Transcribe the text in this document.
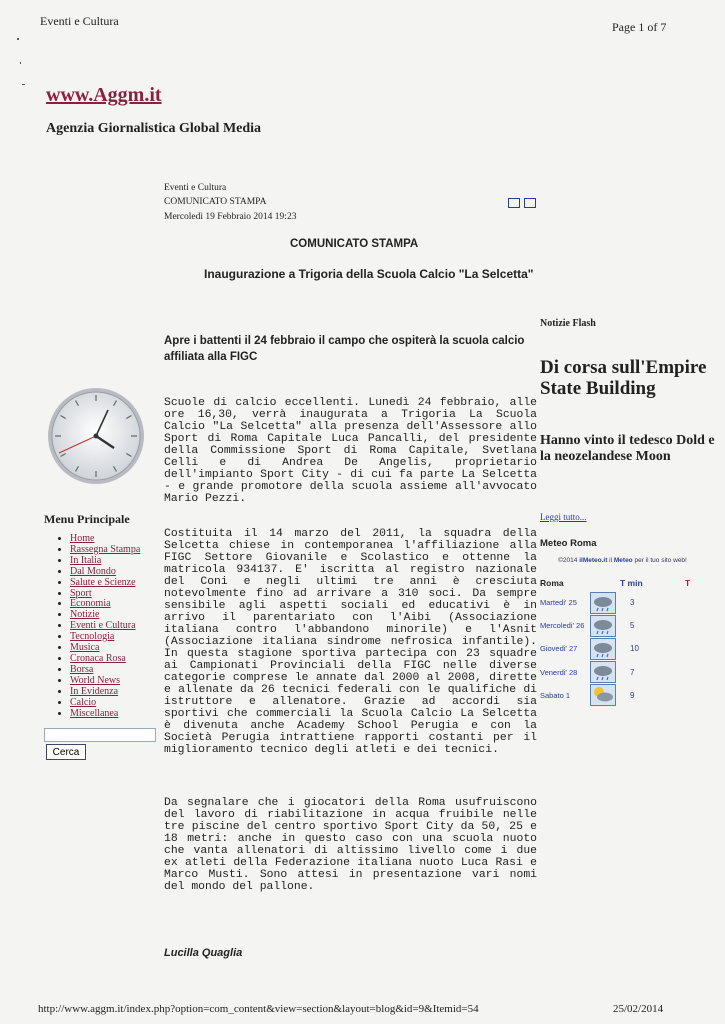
Eventi e Cultura	Page 1 of 7
www.Aggm.it
Agenzia Giornalistica Global Media
Eventi e Cultura
COMUNICATO STAMPA
Mercoledì 19 Febbraio 2014 19:23
COMUNICATO STAMPA
Inaugurazione a Trigoria della Scuola Calcio "La Selcetta"
Apre i battenti il 24 febbraio il campo che ospiterà la scuola calcio affiliata alla FIGC
Menu Principale
• Home
• Rassegna Stampa
• In Italia
• Dal Mondo
• Salute e Scienze
• Sport
• Economia
• Notizie
• Eventi e Cultura
• Tecnologia
• Musica
• Cronaca Rosa
• Borsa
• World News
• In Evidenza
• Calcio
• Miscellanea
Cerca
Scuole di calcio eccellenti. Lunedì 24 febbraio, alle ore 16,30, verrà inaugurata a Trigoria La Scuola Calcio "La Selcetta" alla presenza dell'Assessore allo Sport di Roma Capitale Luca Pancalli, del presidente della Commissione Sport di Roma Capitale, Svetlana Celli e di Andrea De Angelis, proprietario dell'impianto Sport City - di cui fa parte La Selcetta - e grande promotore della scuola assieme all'avvocato Mario Pezzi.
Costituita il 14 marzo del 2011, la squadra della Selcetta chiese in contemporanea l'affiliazione alla FIGC Settore Giovanile e Scolastico e ottenne la matricola 934137. E' iscritta al registro nazionale del Coni e negli ultimi tre anni è cresciuta notevolmente fino ad arrivare a 310 soci. Da sempre sensibile agli aspetti sociali ed educativi è in arrivo il parentariato con l'Aibi (Associazione italiana contro l'abbandono minorile) e l'Asnit (Associazione italiana sindrome nefrosica infantile). In questa stagione sportiva partecipa con 23 squadre ai Campionati Provinciali della FIGC nelle diverse categorie comprese le annate dal 2000 al 2008, dirette e allenate da 26 tecnici federali con le qualifiche di istruttore e allenatore. Grazie ad accordi sia sportivi che commerciali la Scuola Calcio La Selcetta è divenuta anche Academy School Perugia e con la Società Perugia intrattiene rapporti costanti per il miglioramento tecnico degli atleti e dei tecnici.
Da segnalare che i giocatori della Roma usufruiscono del lavoro di riabilitazione in acqua fruibile nelle tre piscine del centro sportivo Sport City da 50, 25 e 18 metri: anche in questo caso con una scuola nuoto che vanta allenatori di altissimo livello come i due ex atleti della Federazione italiana nuoto Luca Rasi e Marco Musti. Sono attesi in presentazione vari nomi del mondo del pallone.
Lucilla Quaglia
Notizie Flash
Di corsa sull'Empire State Building
Hanno vinto il tedesco Dold e la neozelandese Moon
Leggi tutto...
Meteo Roma
©2014 ilMeteo.it il Meteo per il tuo sito web!
Roma	T min	T
Martedi' 25	3
Mercoledi' 26	5
Giovedi' 27	10
Venerdi' 28	7
Sabato 1	9
http://www.aggm.it/index.php?option=com_content&view=section&layout=blog&id=9&Itemid=54	25/02/2014
